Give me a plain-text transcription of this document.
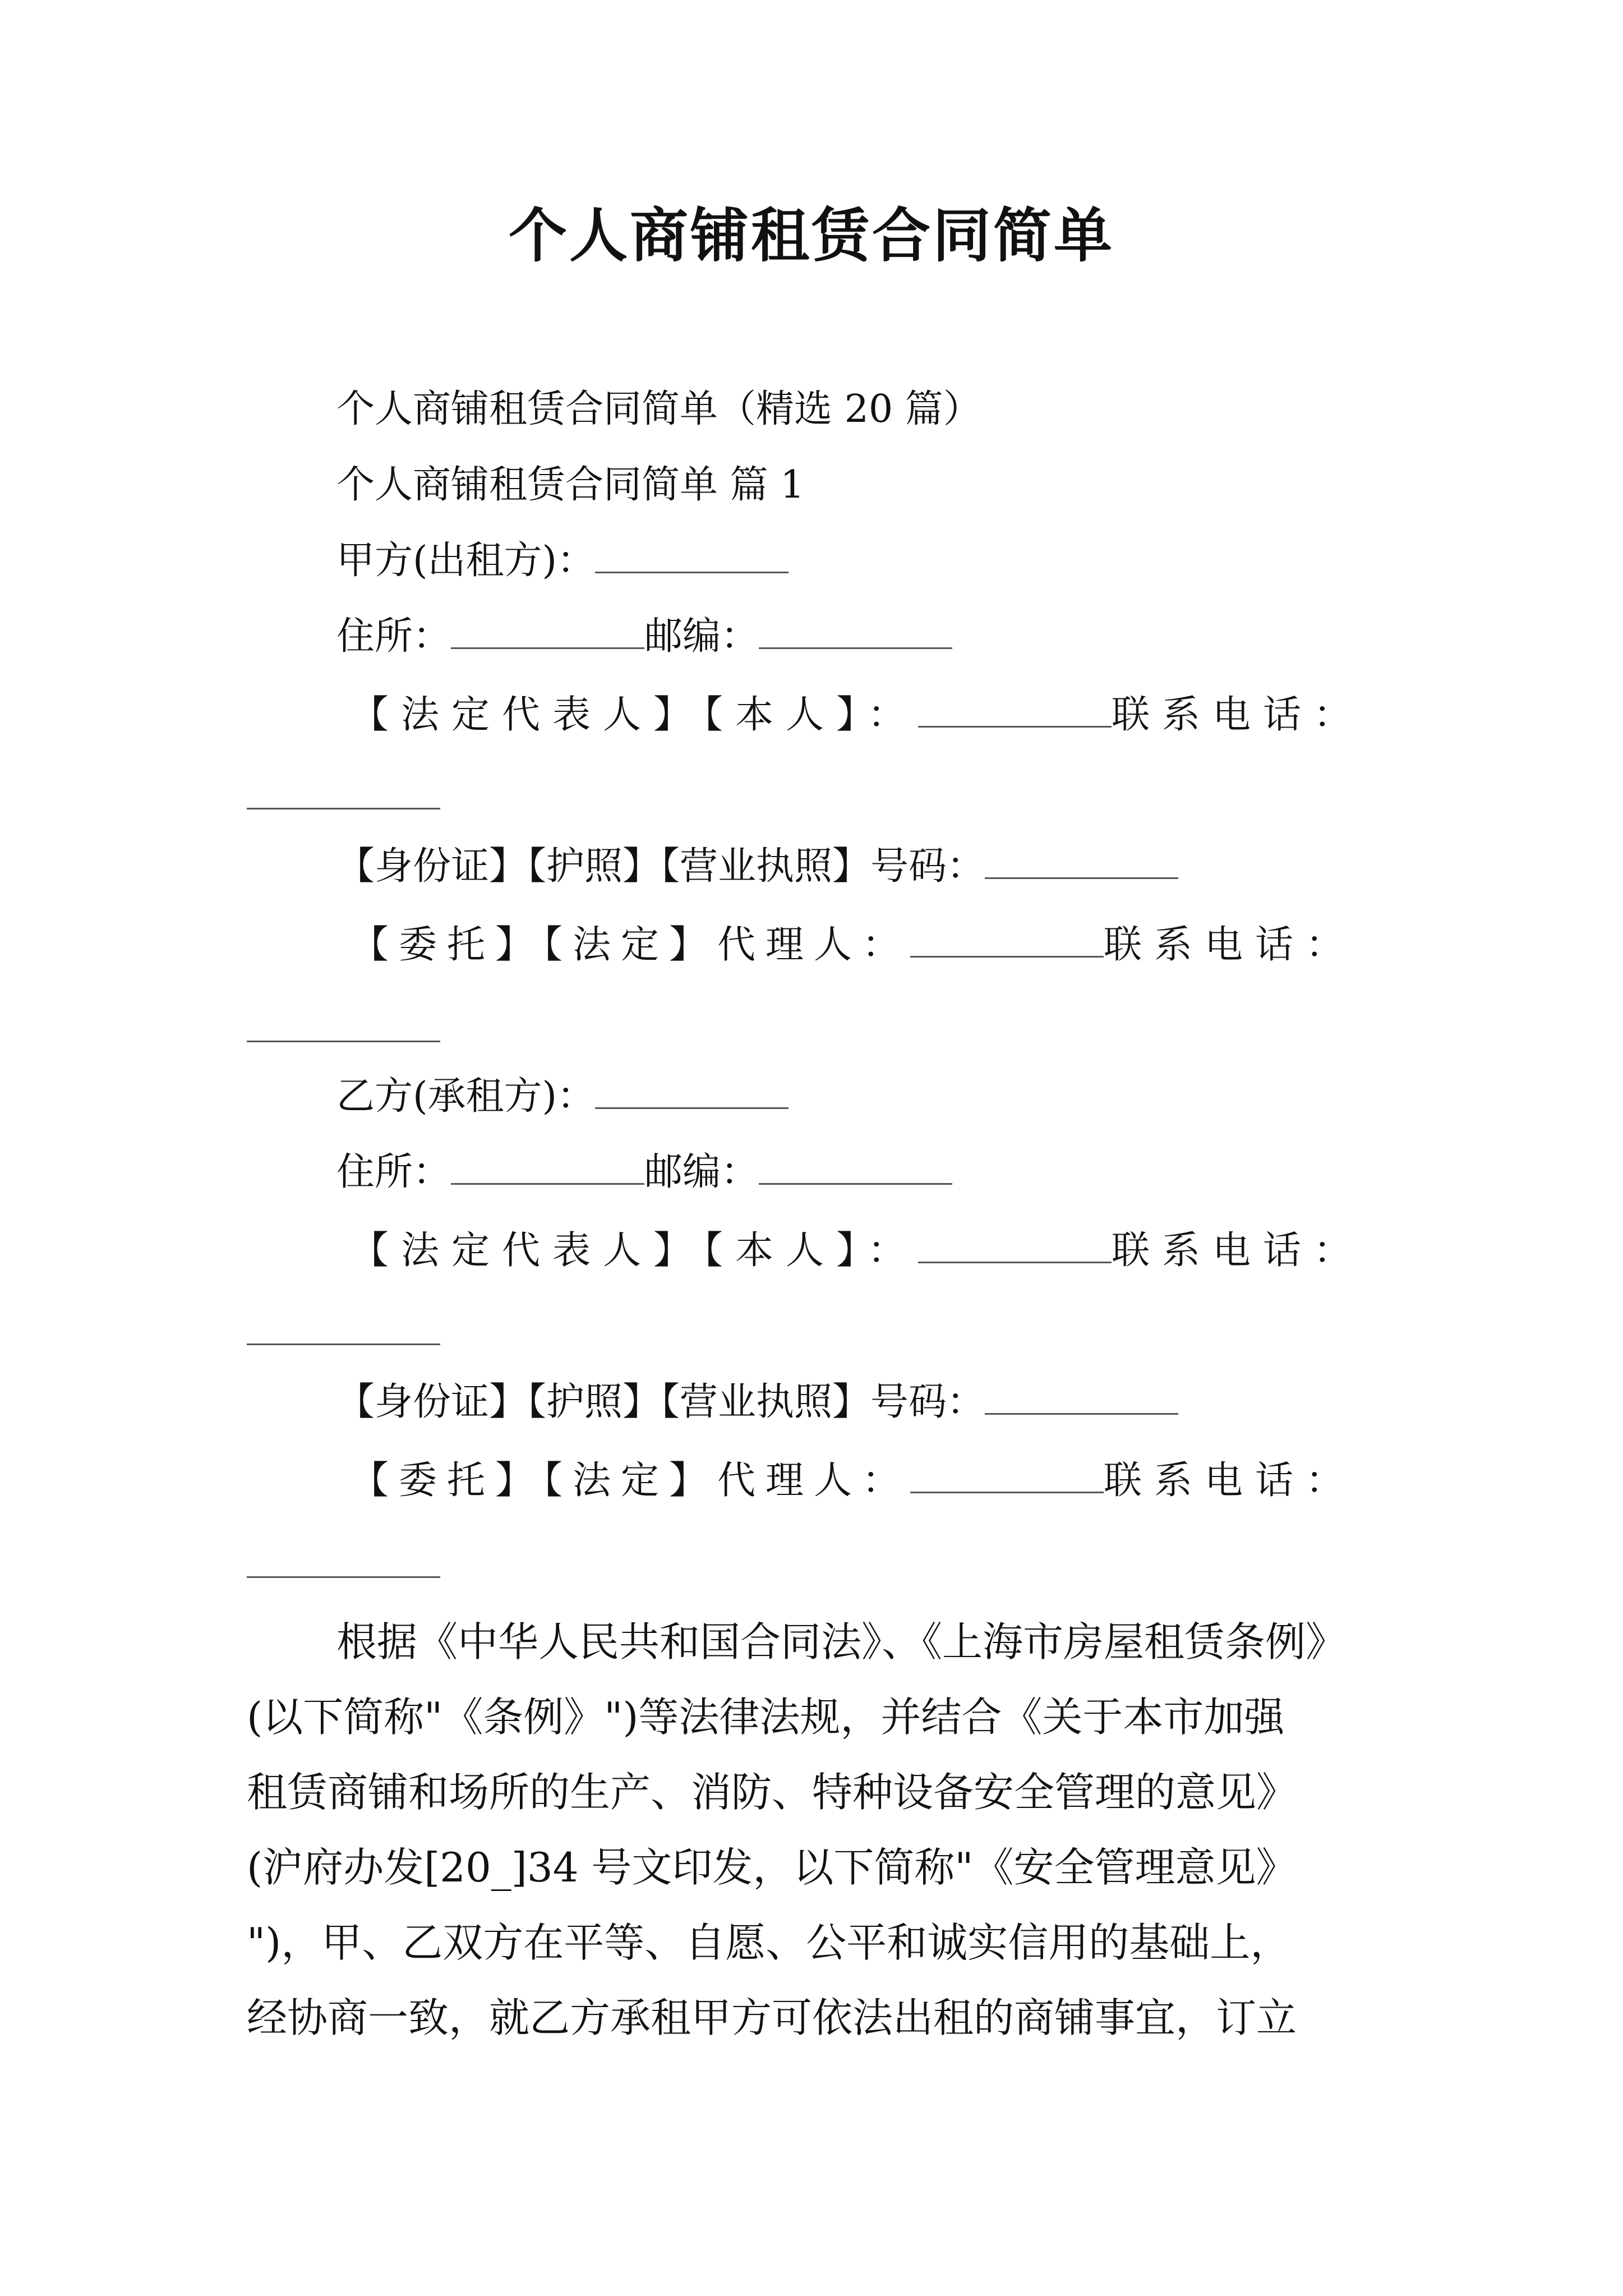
个人商铺租赁合同简单
个人商铺租赁合同简单（精选 20 篇）
个人商铺租赁合同简单 篇 1
甲方(出租方)：
住所：	邮编：
【法定代表人】【本人】：	联系电话：
【身份证】【护照】【营业执照】号码：
【委托】【法定】代理人：	联系电话：
乙方(承租方)：
住所：	邮编：
【法定代表人】【本人】：	联系电话：
【身份证】【护照】【营业执照】号码：
【委托】【法定】代理人：	联系电话：
根据《中华人民共和国合同法》、《上海市房屋租赁条例》
(以下简称"《条例》")等法律法规，并结合《关于本市加强
租赁商铺和场所的生产、消防、特种设备安全管理的意见》
(沪府办发[20_]34 号文印发，以下简称"《安全管理意见》
")，甲、乙双方在平等、自愿、公平和诚实信用的基础上，
经协商一致，就乙方承租甲方可依法出租的商铺事宜，订立
